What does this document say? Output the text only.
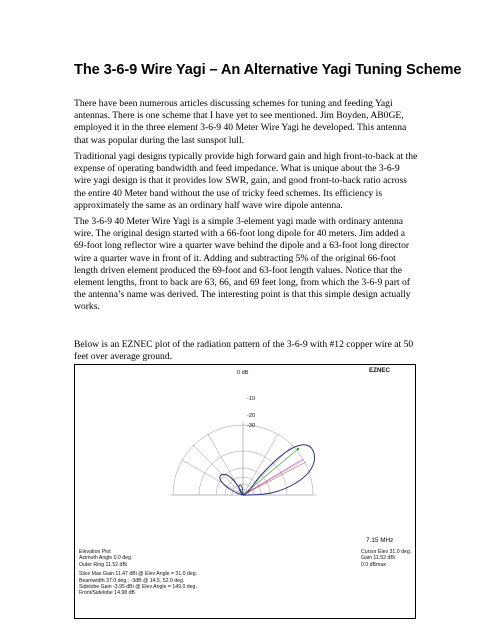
The 3-6-9 Wire Yagi – An Alternative Yagi Tuning Scheme
There have been numerous articles discussing schemes for tuning and feeding Yagi
antennas. There is one scheme that I have yet to see mentioned. Jim Boyden, AB0GE,
employed it in the three element 3-6-9 40 Meter Wire Yagi he developed. This antenna
that was popular during the last sunspot lull.
Traditional yagi designs typically provide high forward gain and high front-to-back at the
expense of operating bandwidth and feed impedance. What is unique about the 3-6-9
wire yagi design is that it provides low SWR, gain, and good front-to-back ratio across
the entire 40 Meter band without the use of tricky feed schemes. Its efficiency is
approximately the same as an ordinary half wave wire dipole antenna.
The 3-6-9 40 Meter Wire Yagi is a simple 3-element yagi made with ordinary antenna
wire. The original design started with a 66-foot long dipole for 40 meters. Jim added a
69-foot long reflector wire a quarter wave behind the dipole and a 63-foot long director
wire a quarter wave in front of it. Adding and subtracting 5% of the original 66-foot
length driven element produced the 69-foot and 63-foot length values. Notice that the
element lengths, front to back are 63, 66, and 69 feet long, from which the 3-6-9 part of
the antenna’s name was derived. The interesting point is that this simple design actually
works.
Below is an EZNEC plot of the radiation pattern of the 3-6-9 with #12 copper wire at 50
feet over average ground.
EZNEC
0 dB
-10
-20
-30
7.15 MHz
Elevation Plot
Azimuth Angle 0.0 deg.
Outer Ring 11.52 dBi
Slice Max Gain 11.47 dBi @ Elev Angle = 31.0 deg.
Beamwidth 37.0 deg.; -3dB @ 14.5, 52.0 deg.
Sidelobe Gain -3.95 dBi @ Elev Angle = 149.0 deg.
Front/Sidelobe 14.98 dB
Cursor Elev 31.0 deg.
Gain 11.52 dBi
0.0 dBmax
